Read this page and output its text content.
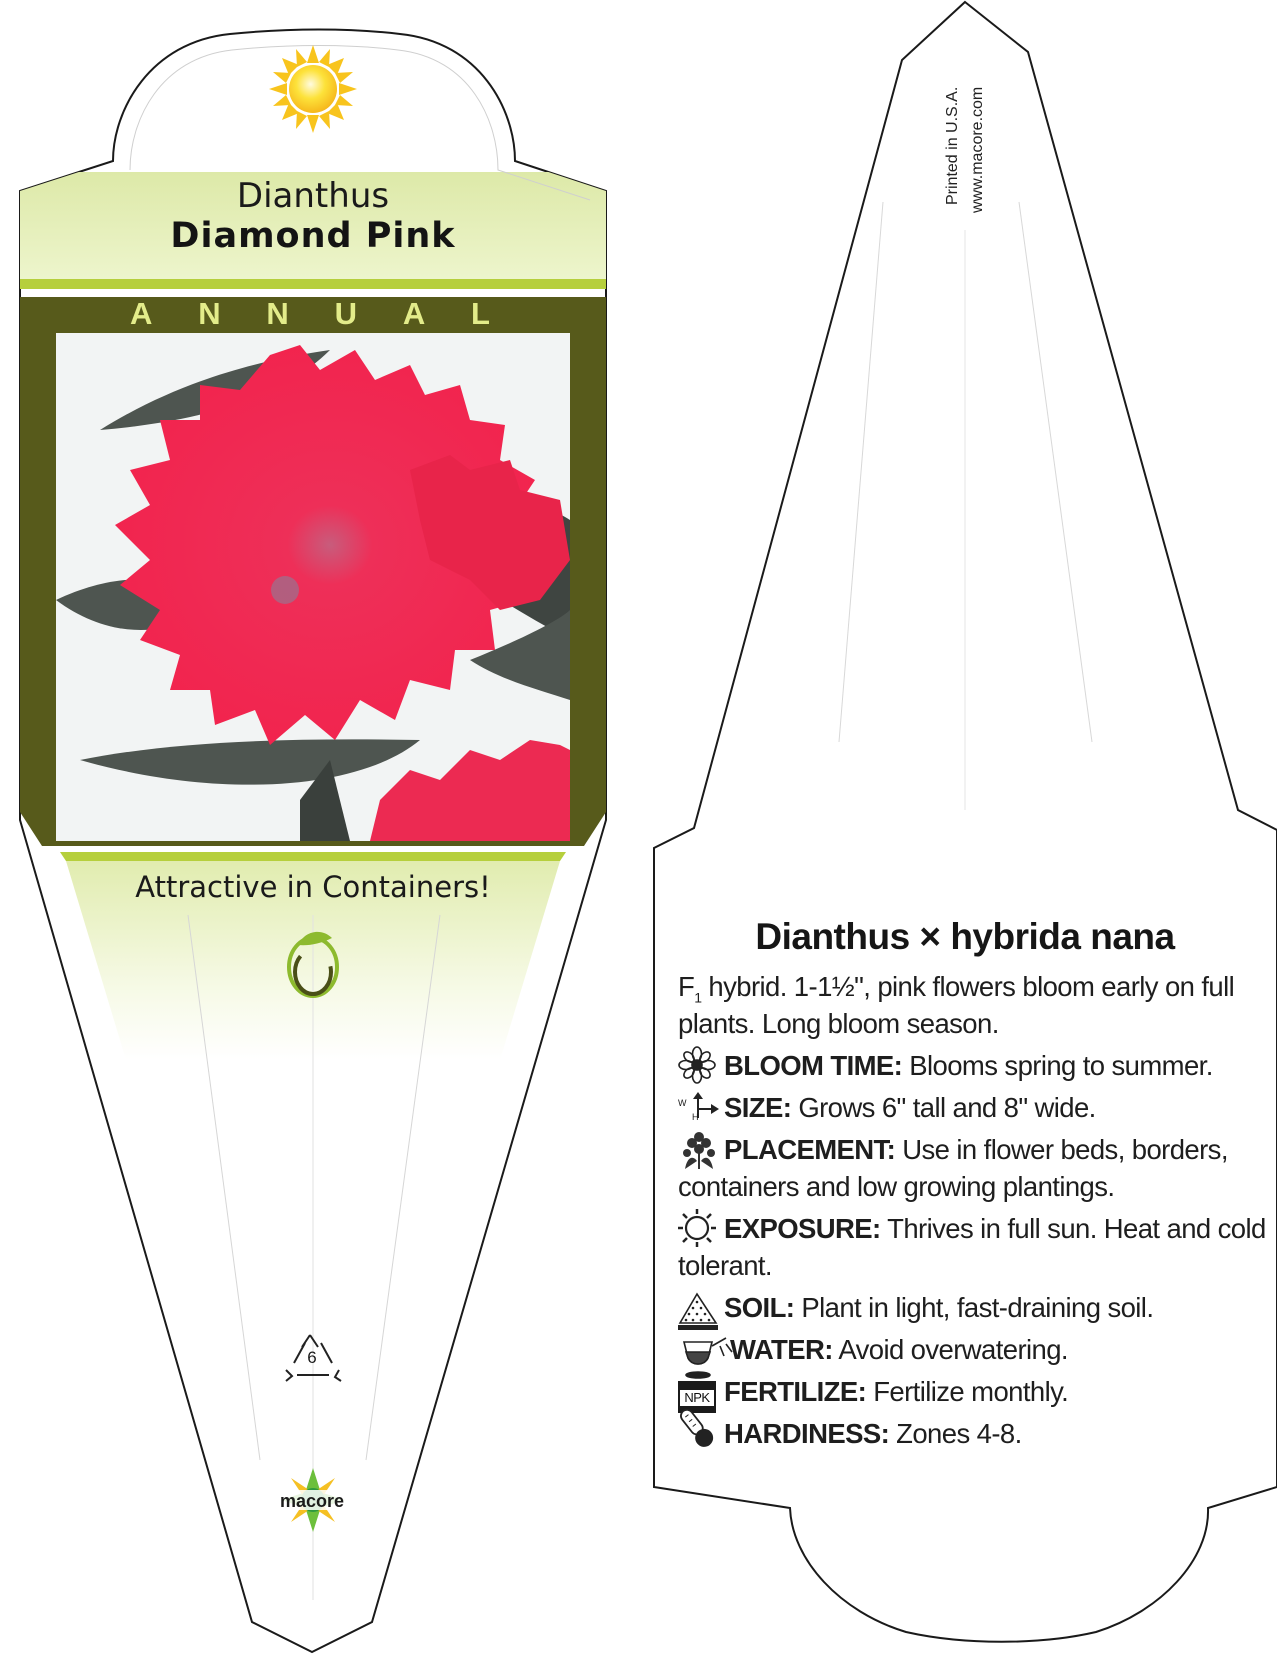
Dianthus
Diamond Pink
A N N U A L
Attractive in Containers!
6
macore
Printed in U.S.A. www.macore.com
Dianthus × hybrida nana
$F_1$ hybrid. 1-1½", pink flowers bloom early on full
plants. Long bloom season.
BLOOM TIME: Blooms spring to summer.
W
H SIZE: Grows 6" tall and 8" wide.
PLACEMENT: Use in flower beds, borders,
containers and low growing plantings.
EXPOSURE: Thrives in full sun. Heat and cold
tolerant.
SOIL: Plant in light, fast-draining soil.
WATER: Avoid overwatering.
NPK FERTILIZE: Fertilize monthly.
HARDINESS: Zones 4-8.
